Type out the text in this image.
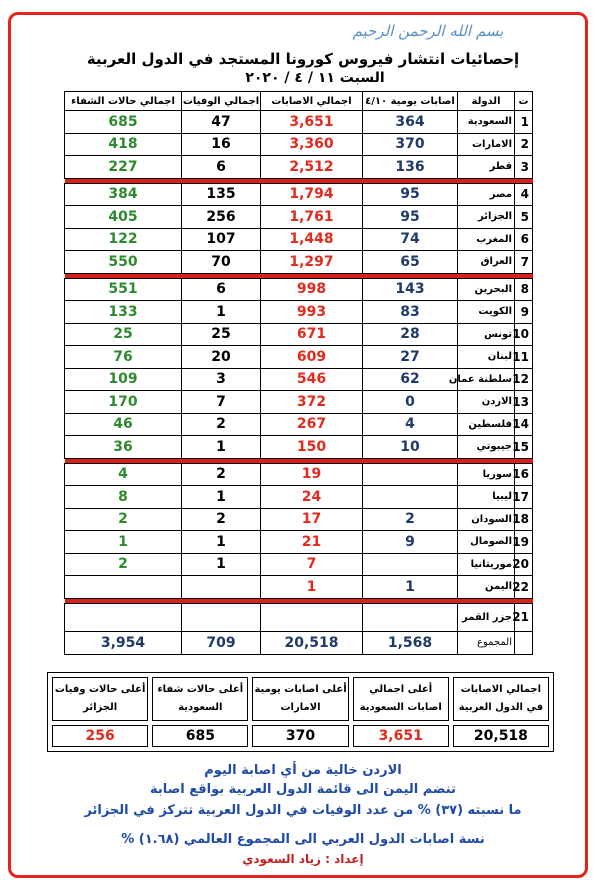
بسم الله الرحمن الرحيم
إحصائيات انتشار فيروس كورونا المستجد في الدول العربية
السبت ١١ / ٤ / ٢٠٢٠
ت	الدولة	اصابات يومية ٤/١٠	اجمالي الاصابات	اجمالي الوفيات	اجمالي حالات الشفاء
1	السعودية	364	3,651	47	685
2	الامارات	370	3,360	16	418
3	قطر	136	2,512	6	227

4	مصر	95	1,794	135	384
5	الجزائر	95	1,761	256	405
6	المغرب	74	1,448	107	122
7	العراق	65	1,297	70	550

8	البحرين	143	998	6	551
9	الكويت	83	993	1	133
10	تونس	28	671	25	25
11	لبنان	27	609	20	76
12	سلطنة عمان	62	546	3	109
13	الاردن	0	372	7	170
14	فلسطين	4	267	2	46
15	جيبوتي	10	150	1	36

16	سوريا		19	2	4
17	ليبيا		24	1	8
18	السودان	2	17	2	2
19	الصومال	9	21	1	1
20	موريتانيا		7	1	2
22	اليمن	1	1		

21	جزر القمر				
	المجموع	1,568	20,518	709	3,954
اجمالي الاصابات في الدول العربية	أعلى اجمالي اصابات السعودية	أعلى اصابات يومية الامارات	أعلى حالات شفاء السعودية	أعلى حالات وفيات الجزائر
20,518	3,651	370	685	256
الاردن خالية من أي اصابة اليوم
تنضم اليمن الى قائمة الدول العربية بواقع اصابة
ما نسبته (٣٧) % من عدد الوفيات في الدول العربية تتركز في الجزائر
نسة اصابات الدول العربي الى المجموع العالمي (١.٦٨) %
إعداد : زياد السعودي
